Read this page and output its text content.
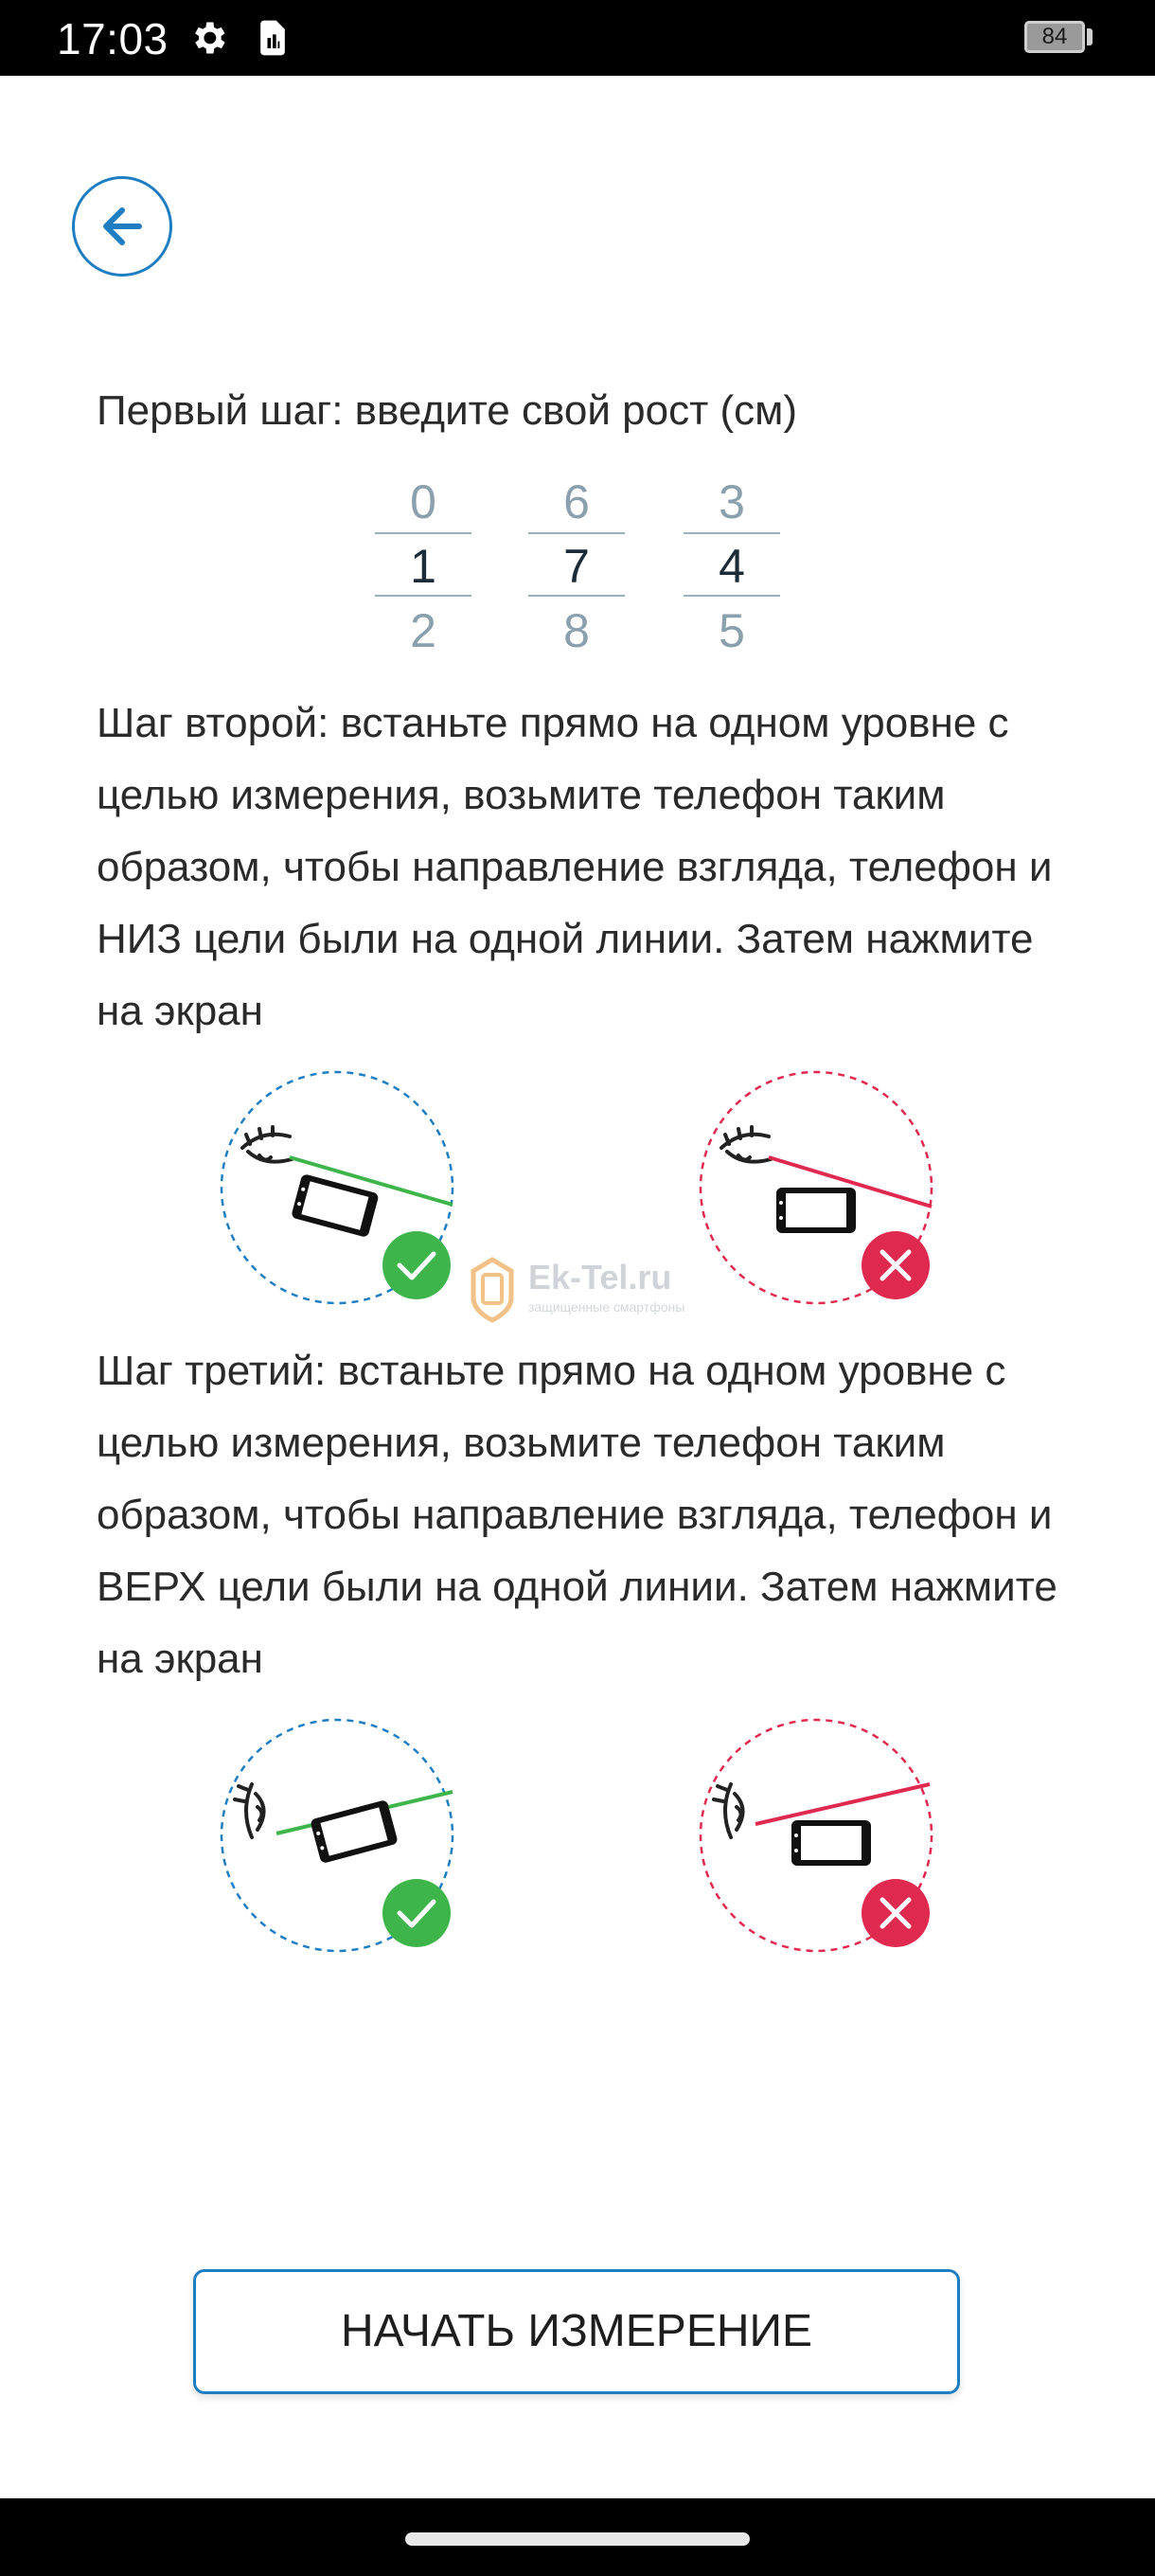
17:03	84
Первый шаг: введите свой рост (см)
0
1
2
6
7
8
3
4
5
Шаг второй: встаньте прямо на одном уровне с целью измерения, возьмите телефон таким образом, чтобы направление взгляда, телефон и НИЗ цели были на одной линии. Затем нажмите на экран
Ek-Tel.ru
защищенные смартфоны
Шаг третий: встаньте прямо на одном уровне с целью измерения, возьмите телефон таким образом, чтобы направление взгляда, телефон и ВЕРХ цели были на одной линии. Затем нажмите на экран
НАЧАТЬ ИЗМЕРЕНИЕ
